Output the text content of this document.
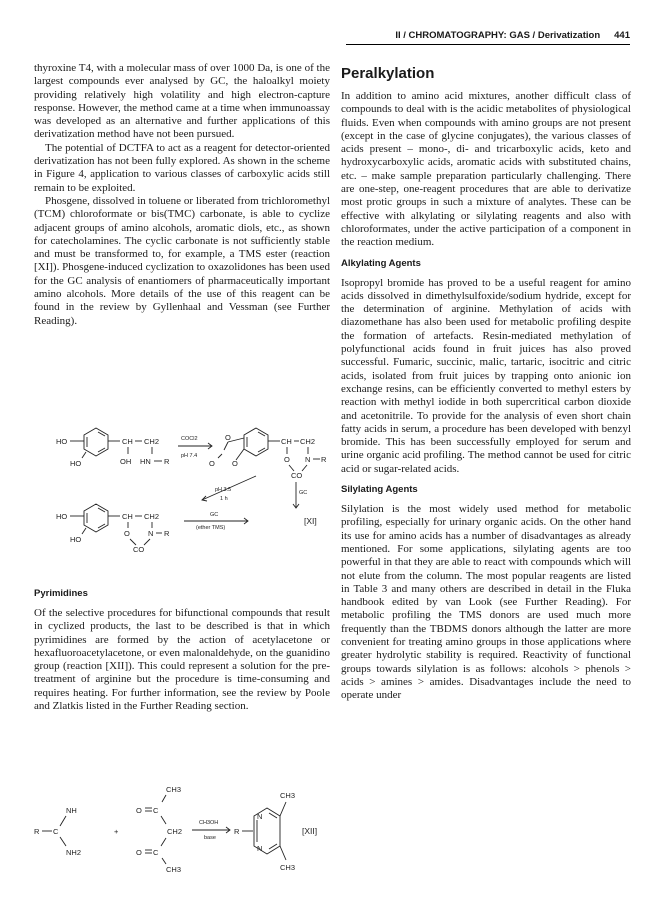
II / CHROMATOGRAPHY: GAS / Derivatization 441

thyroxine T4, with a molecular mass of over 1000 Da, is one of the largest compounds ever analysed by GC, the haloalkyl moiety providing relatively high volatility and high electron-capture response. However, the method came at a time when immunoassay was developed as an alternative and further applications of this derivatization method have not been pursued.

The potential of DCTFA to act as a reagent for detector-oriented derivatization has not been fully explored. As shown in the scheme in Figure 4, application to various classes of carboxylic acids still remain to be exploited.

Phosgene, dissolved in toluene or liberated from trichloromethyl (TCM) chloroformate or bis(TMC) carbonate, is able to cyclize adjacent groups of amino alcohols, aromatic diols, etc., as shown for catecholamines. The cyclic carbonate is not sufficiently stable and must be transformed to, for example, a TMS ester (reaction [XI]). Phosgene-induced cyclization to oxazolidones has been used for the GC analysis of enantiomers of pharmaceutically important amino alcohols. More details of the use of this reagent can be found in the review by Gyllenhaal and Vessman (see Further Reading).

HO
HO
CH CH2
OH HN R
COCl2
pH 7.4
O
O O
CH CH2
O N R
CO
pH 3.5
1 h
GC
HO
HO
CH CH2
O N R
CO
GC
(ether TMS)
[XI]
Pyrimidines

Of the selective procedures for bifunctional compounds that result in cyclized products, the last to be described is that in which pyrimidines are formed by the action of acetylacetone or hexafluoroacetylacetone, or even malonaldehyde, on the guanidino group (reaction [XII]). This could represent a solution for the pre-treatment of arginine but the procedure is time-consuming and requires heating. For further information, see the review by Poole and Zlatkis listed in the Further Reading section.

NH
R C
NH2
+
CH3
O C
CH2
O C
CH3
CH3OH
base
R
N
N
CH3
CH3
[XII]
Peralkylation

In addition to amino acid mixtures, another difficult class of compounds to deal with is the acidic metabolites of physiological fluids. Even when compounds with amino groups are not present (except in the case of glycine conjugates), the various classes of acids present – mono-, di- and tricarboxylic acids, keto and hydroxycarboxylic acids, aromatic acids with substituted chains, etc. – make sample preparation particularly challenging. There are one-step, one-reagent procedures that are able to derivatize most protic groups in such a mixture of analytes. These can be effective with alkylating or silylating reagents and also with chloroformates, under the active participation of a component in the reaction medium.

Alkylating Agents

Isopropyl bromide has proved to be a useful reagent for amino acids dissolved in dimethylsulfoxide/sodium hydride, except for the determination of arginine. Methylation of acids with diazomethane has also been used for metabolic profiling despite the formation of artefacts. Resin-mediated methylation of polyfunctional acids found in fruit juices has also proved successful. Fumaric, succinic, malic, tartaric, isocitric and citric acids, isolated from fruit juices by trapping onto anionic ion exchange resins, can be efficiently converted to methyl esters by reaction with methyl iodide in both supercritical carbon dioxide and acetonitrile. To provide for the analysis of even short chain fatty acids in serum, a procedure has been developed with benzyl bromide. This has been successfully employed for serum and urine organic acid profiling. The method cannot be used for citric acid or sugar-related acids.

Silylating Agents

Silylation is the most widely used method for metabolic profiling, especially for urinary organic acids. On the other hand its use for amino acids has a number of disadvantages as already mentioned. For some applications, silylating agents are too powerful in that they are able to react with compounds which will not elute from the column. The most popular reagents are listed in Table 3 and many others are described in detail in the Fluka handbook edited by van Look (see Further Reading). For metabolic profiling the TMS donors are used much more frequently than the TBDMS donors although the latter are more convenient for treating amino groups in those applications where greater hydrolytic stability is required. Reactivity of functional groups towards silylation is as follows: alcohols > phenols > acids > amines > amides. Disadvantages include the need to operate under
